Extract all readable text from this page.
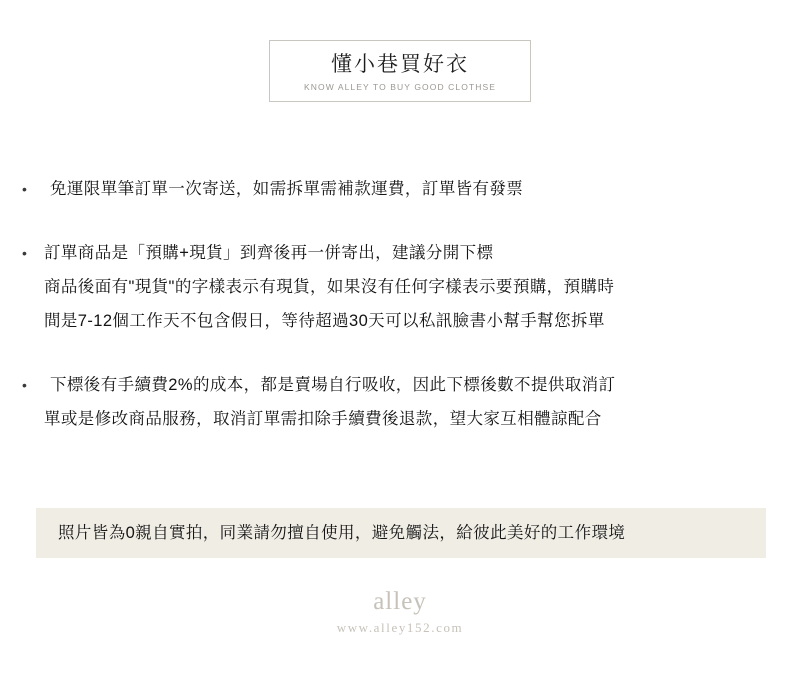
懂小巷買好衣
KNOW ALLEY TO BUY GOOD CLOTHSE
•	免運限單筆訂單一次寄送，如需拆單需補款運費，訂單皆有發票
•	訂單商品是「預購+現貨」到齊後再一併寄出，建議分開下標
商品後面有"現貨"的字樣表示有現貨，如果沒有任何字樣表示要預購，預購時
間是7-12個工作天不包含假日，等待超過30天可以私訊臉書小幫手幫您拆單
•	下標後有手續費2%的成本，都是賣場自行吸收，因此下標後數不提供取消訂
單或是修改商品服務，取消訂單需扣除手續費後退款，望大家互相體諒配合
照片皆為0親自實拍，同業請勿擅自使用，避免觸法，給彼此美好的工作環境
alley
www.alley152.com
